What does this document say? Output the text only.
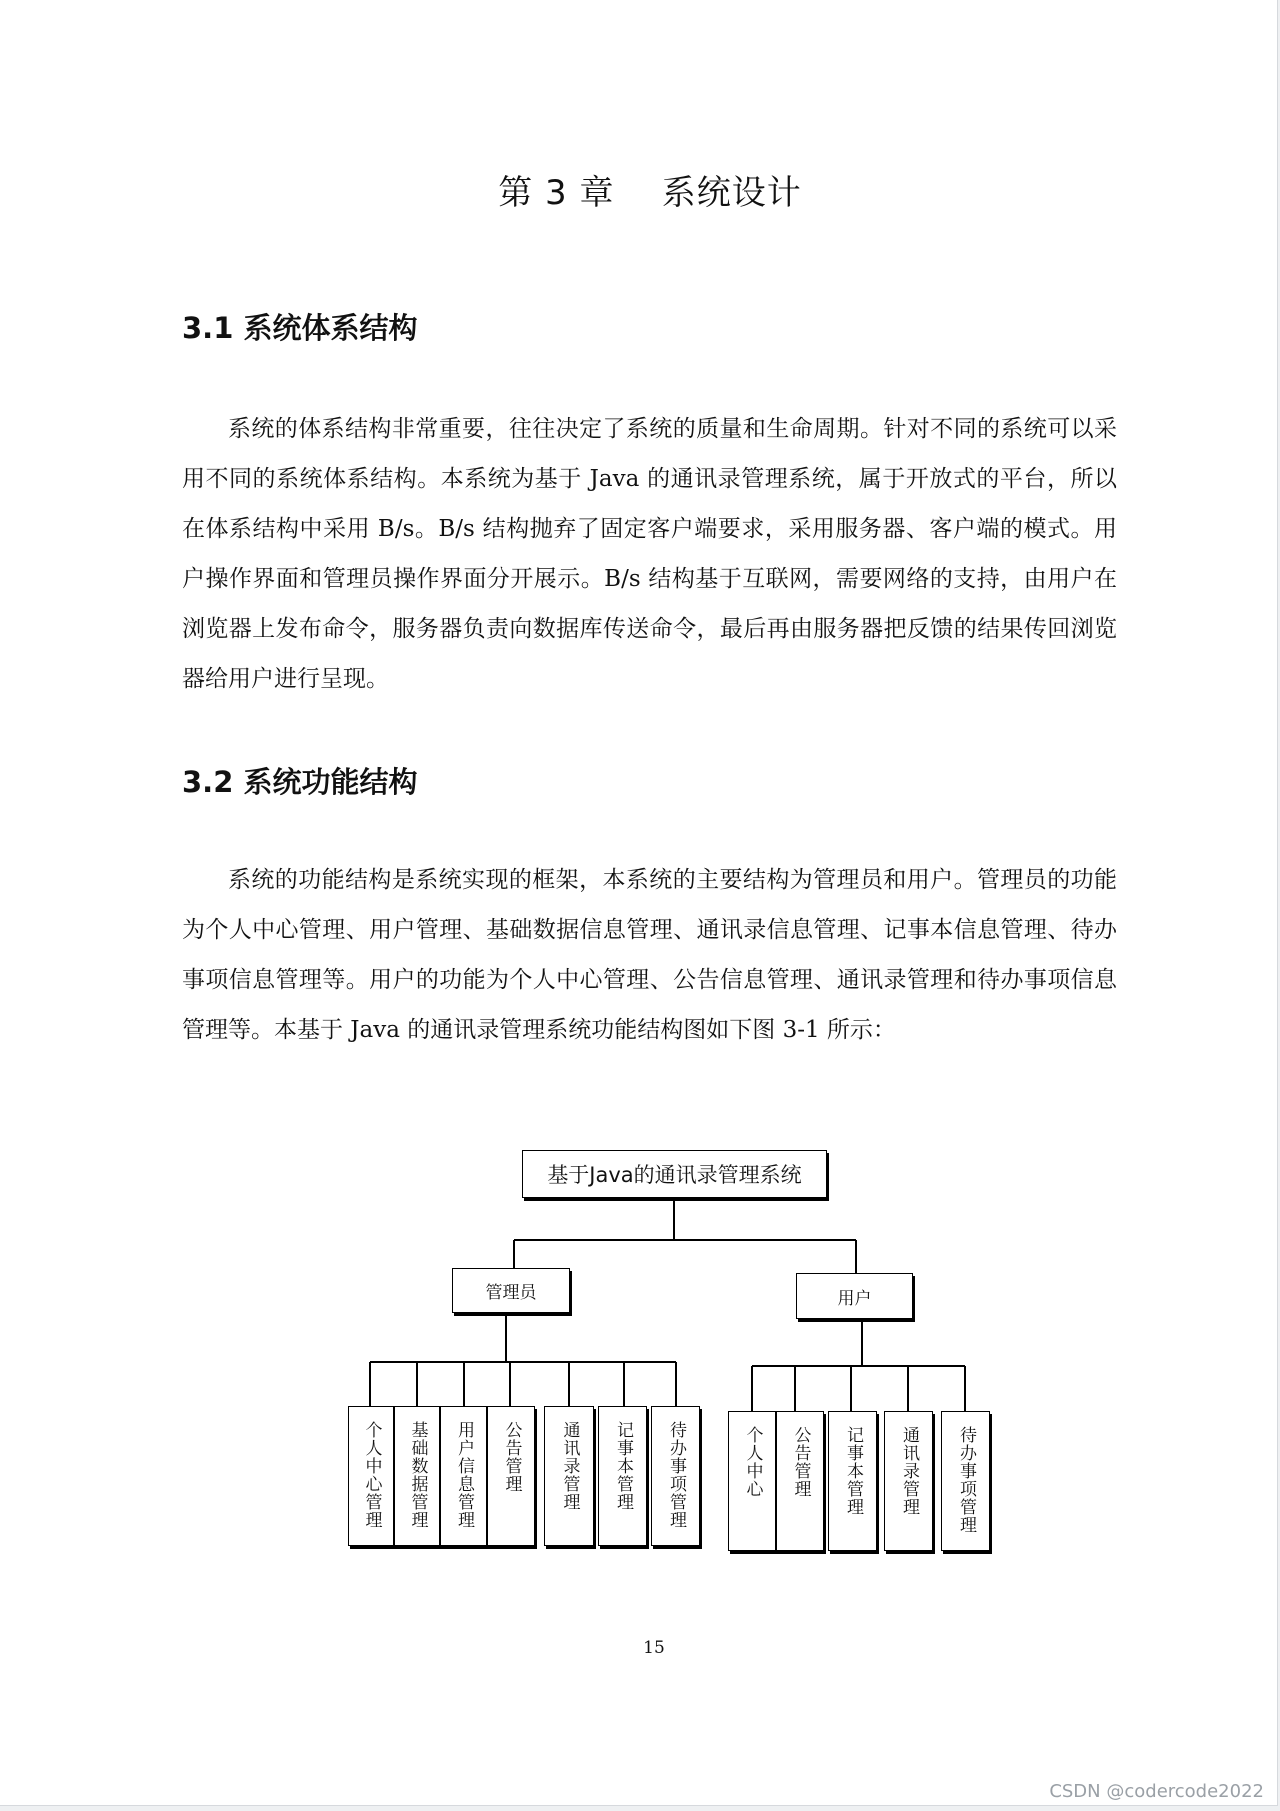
第 3 章    系统设计
3.1 系统体系结构

系统的体系结构非常重要，往往决定了系统的质量和生命周期。针对不同的系统可以采用不同的系统体系结构。本系统为基于 Java 的通讯录管理系统，属于开放式的平台，所以在体系结构中采用 B/s。B/s 结构抛弃了固定客户端要求，采用服务器、客户端的模式。用户操作界面和管理员操作界面分开展示。B/s 结构基于互联网，需要网络的支持，由用户在浏览器上发布命令，服务器负责向数据库传送命令，最后再由服务器把反馈的结果传回浏览器给用户进行呈现。

3.2 系统功能结构

系统的功能结构是系统实现的框架，本系统的主要结构为管理员和用户。管理员的功能为个人中心管理、用户管理、基础数据信息管理、通讯录信息管理、记事本信息管理、待办事项信息管理等。用户的功能为个人中心管理、公告信息管理、通讯录管理和待办事项信息管理等。本基于 Java 的通讯录管理系统功能结构图如下图 3-1 所示：

基于Java的通讯录管理系统
管理员	用户
个人中心管理 基础数据管理 用户信息管理 公告管理 通讯录管理 记事本管理 待办事项管理	个人中心 公告管理 记事本管理 通讯录管理 待办事项管理

15

CSDN @codercode2022
